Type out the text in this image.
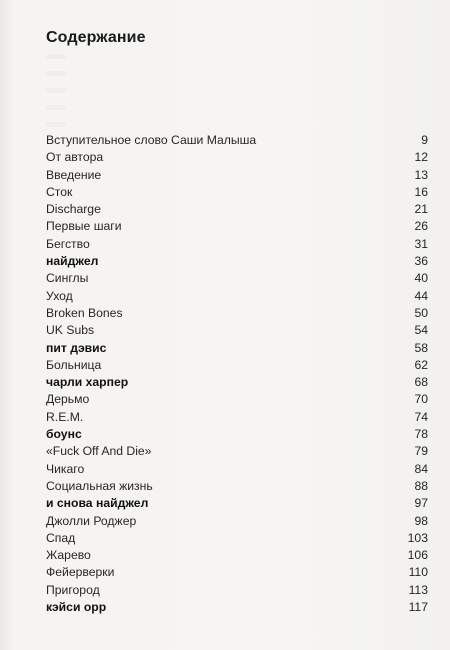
Содержание
Вступительное слово Саши Малыша	9
От автора	12
Введение	13
Сток	16
Discharge	21
Первые шаги	26
Бегство	31
найджел	36
Синглы	40
Уход	44
Broken Bones	50
UK Subs	54
пит дэвис	58
Больница	62
чарли харпер	68
Дерьмо	70
R.E.M.	74
боунс	78
«Fuck Off And Die»	79
Чикаго	84
Социальная жизнь	88
и снова найджел	97
Джолли Роджер	98
Спад	103
Жарево	106
Фейерверки	110
Пригород	113
кэйси орр	117
